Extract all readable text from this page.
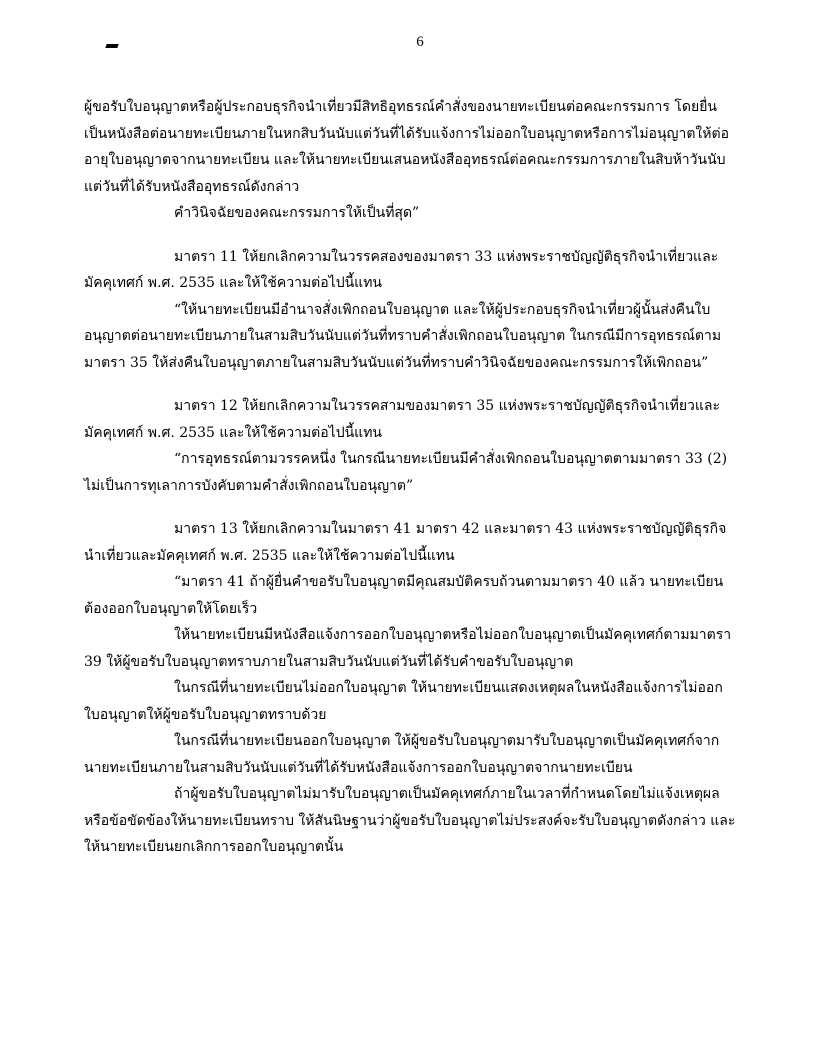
6

ผู้ขอรับใบอนุญาตหรือผู้ประกอบธุรกิจนำเที่ยวมีสิทธิอุทธรณ์คำสั่งของนายทะเบียนต่อคณะกรรมการ โดยยื่นเป็นหนังสือต่อนายทะเบียนภายในหกสิบวันนับแต่วันที่ได้รับแจ้งการไม่ออกใบอนุญาตหรือการไม่อนุญาตให้ต่ออายุใบอนุญาตจากนายทะเบียน และให้นายทะเบียนเสนอหนังสืออุทธรณ์ต่อคณะกรรมการภายในสิบห้าวันนับแต่วันที่ได้รับหนังสืออุทธรณ์ดังกล่าว

คำวินิจฉัยของคณะกรรมการให้เป็นที่สุด”

มาตรา 11 ให้ยกเลิกความในวรรคสองของมาตรา 33 แห่งพระราชบัญญัติธุรกิจนำเที่ยวและมัคคุเทศก์ พ.ศ. 2535 และให้ใช้ความต่อไปนี้แทน

“ให้นายทะเบียนมีอำนาจสั่งเพิกถอนใบอนุญาต และให้ผู้ประกอบธุรกิจนำเที่ยวผู้นั้นส่งคืนใบอนุญาตต่อนายทะเบียนภายในสามสิบวันนับแต่วันที่ทราบคำสั่งเพิกถอนใบอนุญาต ในกรณีมีการอุทธรณ์ตามมาตรา 35 ให้ส่งคืนใบอนุญาตภายในสามสิบวันนับแต่วันที่ทราบคำวินิจฉัยของคณะกรรมการให้เพิกถอน”

มาตรา 12 ให้ยกเลิกความในวรรคสามของมาตรา 35 แห่งพระราชบัญญัติธุรกิจนำเที่ยวและมัคคุเทศก์ พ.ศ. 2535 และให้ใช้ความต่อไปนี้แทน

“การอุทธรณ์ตามวรรคหนึ่ง ในกรณีนายทะเบียนมีคำสั่งเพิกถอนใบอนุญาตตามมาตรา 33 (2) ไม่เป็นการทุเลาการบังคับตามคำสั่งเพิกถอนใบอนุญาต”

มาตรา 13 ให้ยกเลิกความในมาตรา 41 มาตรา 42 และมาตรา 43 แห่งพระราชบัญญัติธุรกิจนำเที่ยวและมัคคุเทศก์ พ.ศ. 2535 และให้ใช้ความต่อไปนี้แทน

“มาตรา 41 ถ้าผู้ยื่นคำขอรับใบอนุญาตมีคุณสมบัติครบถ้วนตามมาตรา 40 แล้ว นายทะเบียนต้องออกใบอนุญาตให้โดยเร็ว

ให้นายทะเบียนมีหนังสือแจ้งการออกใบอนุญาตหรือไม่ออกใบอนุญาตเป็นมัคคุเทศก์ตามมาตรา 39 ให้ผู้ขอรับใบอนุญาตทราบภายในสามสิบวันนับแต่วันที่ได้รับคำขอรับใบอนุญาต

ในกรณีที่นายทะเบียนไม่ออกใบอนุญาต ให้นายทะเบียนแสดงเหตุผลในหนังสือแจ้งการไม่ออกใบอนุญาตให้ผู้ขอรับใบอนุญาตทราบด้วย

ในกรณีที่นายทะเบียนออกใบอนุญาต ให้ผู้ขอรับใบอนุญาตมารับใบอนุญาตเป็นมัคคุเทศก์จากนายทะเบียนภายในสามสิบวันนับแต่วันที่ได้รับหนังสือแจ้งการออกใบอนุญาตจากนายทะเบียน

ถ้าผู้ขอรับใบอนุญาตไม่มารับใบอนุญาตเป็นมัคคุเทศก์ภายในเวลาที่กำหนดโดยไม่แจ้งเหตุผลหรือข้อขัดข้องให้นายทะเบียนทราบ ให้สันนิษฐานว่าผู้ขอรับใบอนุญาตไม่ประสงค์จะรับใบอนุญาตดังกล่าว และให้นายทะเบียนยกเลิกการออกใบอนุญาตนั้น
